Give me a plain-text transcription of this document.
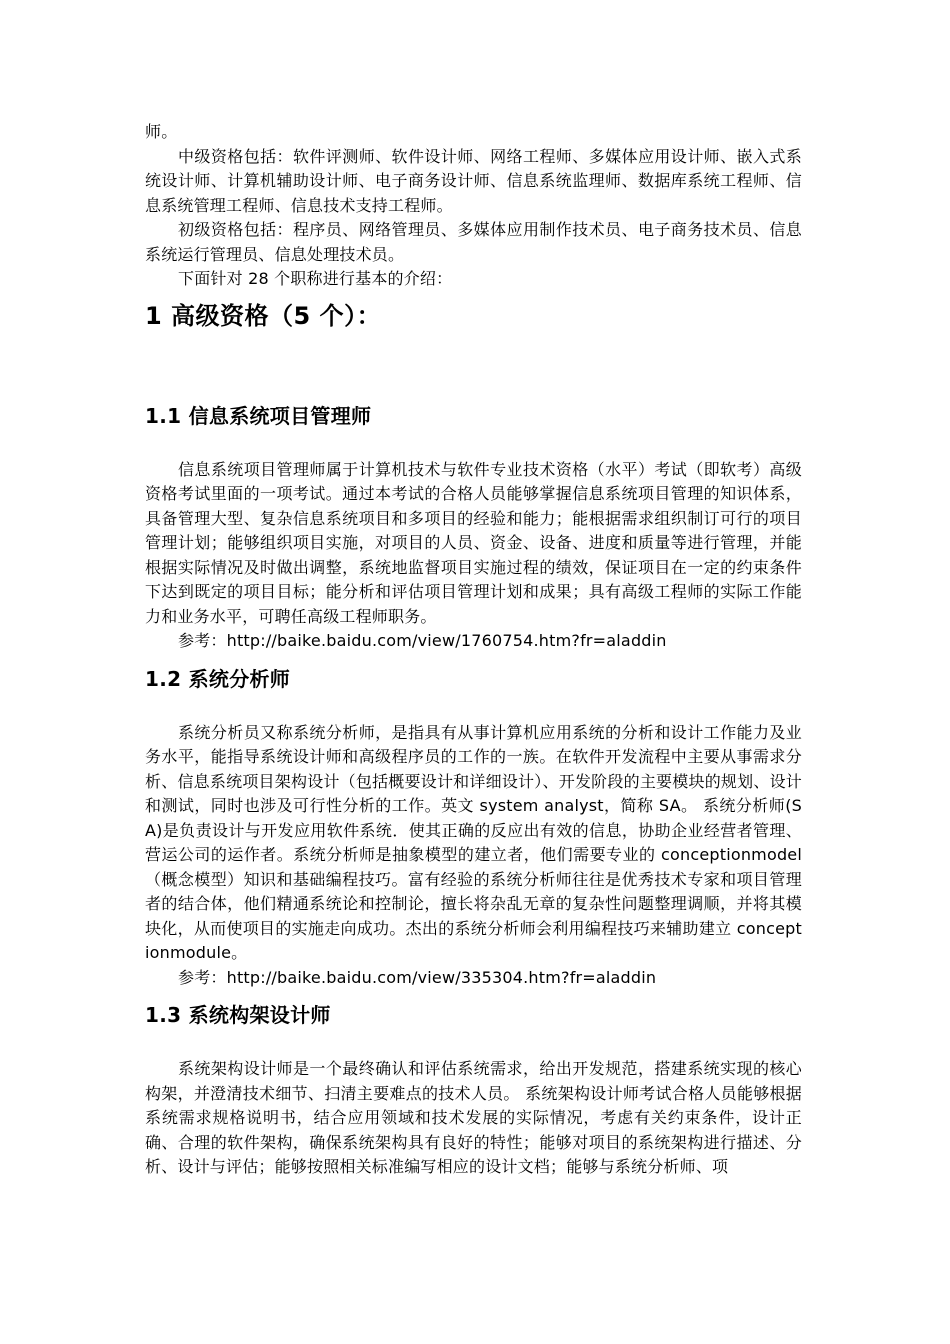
师。

中级资格包括：软件评测师、软件设计师、网络工程师、多媒体应用设计师、嵌入式系统设计师、计算机辅助设计师、电子商务设计师、信息系统监理师、数据库系统工程师、信息系统管理工程师、信息技术支持工程师。

初级资格包括：程序员、网络管理员、多媒体应用制作技术员、电子商务技术员、信息系统运行管理员、信息处理技术员。

下面针对 28 个职称进行基本的介绍：

1 高级资格（5 个）：
1.1 信息系统项目管理师

信息系统项目管理师属于计算机技术与软件专业技术资格（水平）考试（即软考）高级资格考试里面的一项考试。通过本考试的合格人员能够掌握信息系统项目管理的知识体系，具备管理大型、复杂信息系统项目和多项目的经验和能力；能根据需求组织制订可行的项目管理计划；能够组织项目实施，对项目的人员、资金、设备、进度和质量等进行管理，并能根据实际情况及时做出调整，系统地监督项目实施过程的绩效，保证项目在一定的约束条件下达到既定的项目目标；能分析和评估项目管理计划和成果；具有高级工程师的实际工作能力和业务水平，可聘任高级工程师职务。

参考：http://baike.baidu.com/view/1760754.htm?fr=aladdin

1.2 系统分析师

系统分析员又称系统分析师，是指具有从事计算机应用系统的分析和设计工作能力及业务水平，能指导系统设计师和高级程序员的工作的一族。在软件开发流程中主要从事需求分析、信息系统项目架构设计（包括概要设计和详细设计）、开发阶段的主要模块的规划、设计和测试，同时也涉及可行性分析的工作。英文 system analyst，简称 SA。 系统分析师(SA)是负责设计与开发应用软件系统．使其正确的反应出有效的信息，协助企业经营者管理、营运公司的运作者。系统分析师是抽象模型的建立者，他们需要专业的 conceptionmodel（概念模型）知识和基础编程技巧。富有经验的系统分析师往往是优秀技术专家和项目管理者的结合体，他们精通系统论和控制论，擅长将杂乱无章的复杂性问题整理调顺，并将其模块化，从而使项目的实施走向成功。杰出的系统分析师会利用编程技巧来辅助建立 conceptionmodule。

参考：http://baike.baidu.com/view/335304.htm?fr=aladdin

1.3 系统构架设计师

系统架构设计师是一个最终确认和评估系统需求，给出开发规范，搭建系统实现的核心构架，并澄清技术细节、扫清主要难点的技术人员。 系统架构设计师考试合格人员能够根据系统需求规格说明书，结合应用领域和技术发展的实际情况，考虑有关约束条件，设计正确、合理的软件架构，确保系统架构具有良好的特性；能够对项目的系统架构进行描述、分析、设计与评估；能够按照相关标准编写相应的设计文档；能够与系统分析师、项
